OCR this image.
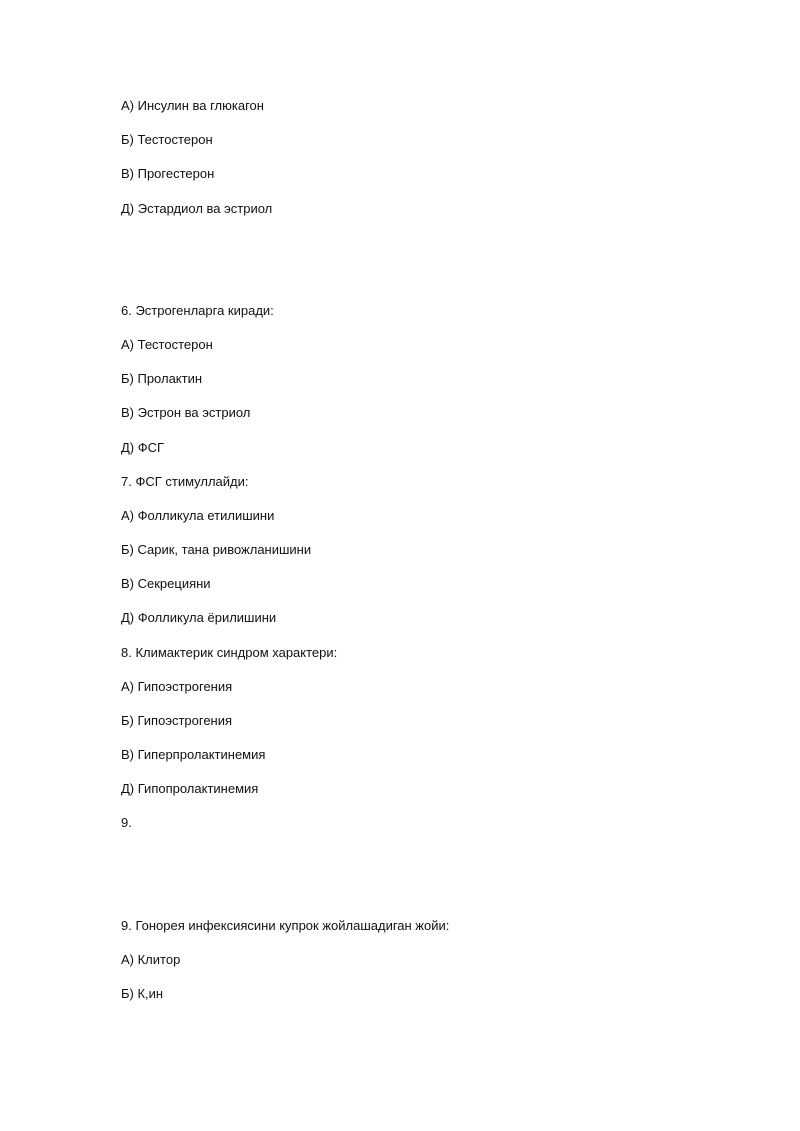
А) Инсулин ва глюкагон
Б) Тестостерон
В) Прогестерон
Д) Эстардиол ва эстриол
6. Эстрогенларга киради:
А) Тестостерон
Б) Пролактин
В) Эстрон ва эстриол
Д) ФСГ
7. ФСГ стимуллайди:
А) Фолликула етилишини
Б) Сарик, тана ривожланишини
В) Секрецияни
Д) Фолликула ёрилишини
8. Климактерик синдром характери:
А) Гипоэстрогения
Б) Гипоэстрогения
В) Гиперпролактинемия
Д) Гипопролактинемия
9.
9. Гонорея инфексиясини купрок жойлашадиган жойи:
А) Клитор
Б) К,ин
